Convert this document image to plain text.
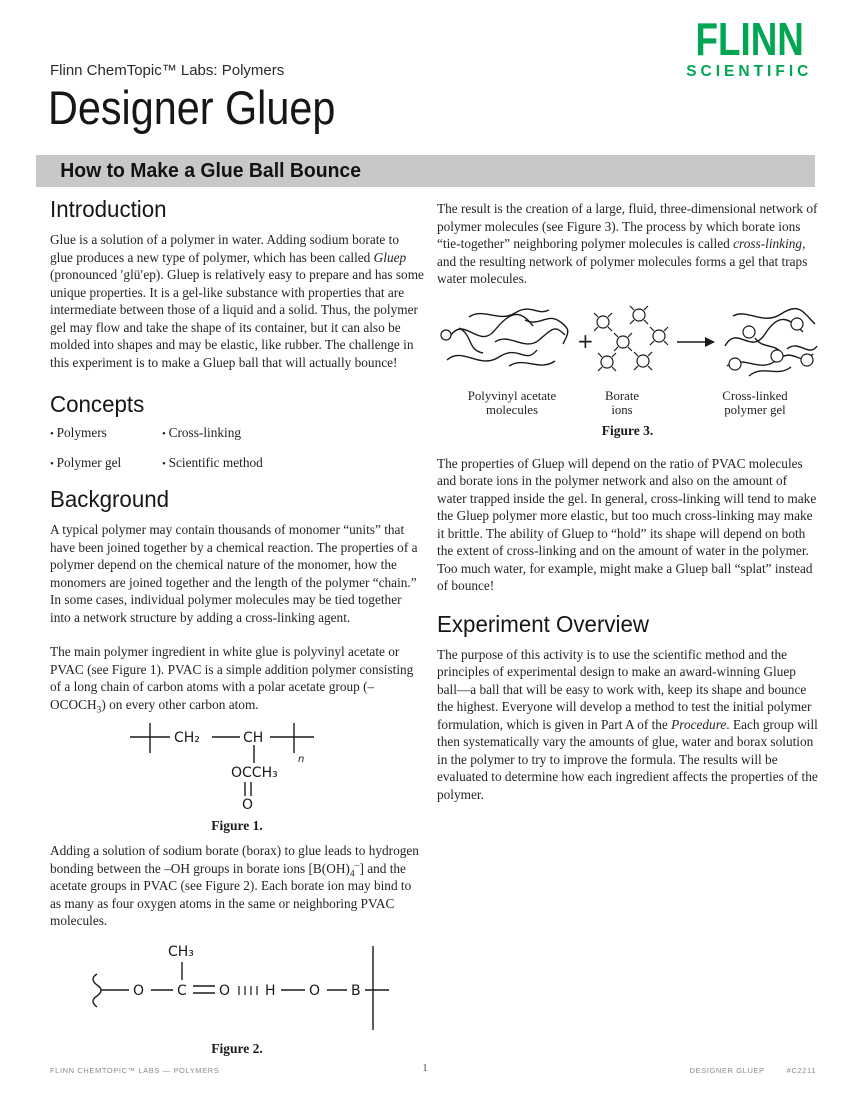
FLINN
SCIENTIFIC
Flinn ChemTopic™ Labs: Polymers
Designer Gluep
How to Make a Glue Ball Bounce
Introduction

Glue is a solution of a polymer in water. Adding sodium borate to glue produces a new type of polymer, which has been called Gluep (pronounced ′glü′ep). Gluep is relatively easy to prepare and has some unique properties. It is a gel-like substance with properties that are intermediate between those of a liquid and a solid. Thus, the polymer gel may flow and take the shape of its container, but it can also be molded into shapes and may be elastic, like rubber. The challenge in this experiment is to make a Gluep ball that will actually bounce!

Concepts
• Polymers	• Cross-linking
• Polymer gel	• Scientific method
Background

A typical polymer may contain thousands of monomer “units” that have been joined together by a chemical reaction. The properties of a polymer depend on the chemical nature of the monomer, how the monomers are joined together and the length of the polymer “chain.” In some cases, individual polymer molecules may be tied together into a network structure by adding a cross-linking agent.

The main polymer ingredient in white glue is polyvinyl acetate or PVAC (see Figure 1). PVAC is a simple addition polymer consisting of a long chain of carbon atoms with a polar acetate group $(-OCOCH_3)$ on every other carbon atom.

CH₂	CH
n
OCCH₃
O
Figure 1.

Adding a solution of sodium borate (borax) to glue leads to hydrogen bonding between the –OH groups in borate ions $[B(OH)_4^-]$ and the acetate groups in PVAC (see Figure 2). Each borate ion may bind to as many as four oxygen atoms in the same or neighboring PVAC molecules.

O C
CH₃
O H O B
Figure 2.

The result is the creation of a large, fluid, three-dimensional network of polymer molecules (see Figure 3). The process by which borate ions “tie-together” neighboring polymer molecules is called cross-linking, and the resulting network of polymer molecules forms a gel that traps water molecules.

+
Polyvinyl acetate
molecules
Borate
ions
Cross-linked
polymer gel
Figure 3.

The properties of Gluep will depend on the ratio of PVAC molecules and borate ions in the polymer network and also on the amount of water trapped inside the gel. In general, cross-linking will tend to make the Gluep polymer more elastic, but too much cross-linking may make it brittle. The ability of Gluep to “hold” its shape will depend on both the extent of cross-linking and on the amount of water in the polymer. Too much water, for example, might make a Gluep ball “splat” instead of bounce!

Experiment Overview

The purpose of this activity is to use the scientific method and the principles of experimental design to make an award-winning Gluep ball—a ball that will be easy to work with, keep its shape and bounce the highest. Everyone will develop a method to test the initial polymer formulation, which is given in Part A of the Procedure. Each group will then systematically vary the amounts of glue, water and borax solution in the polymer to try to improve the formula. The results will be evaluated to determine how each ingredient affects the properties of the polymer.

FLINN CHEMTOPIC™ LABS — POLYMERS	1	DESIGNER GLUEP	#C2211
